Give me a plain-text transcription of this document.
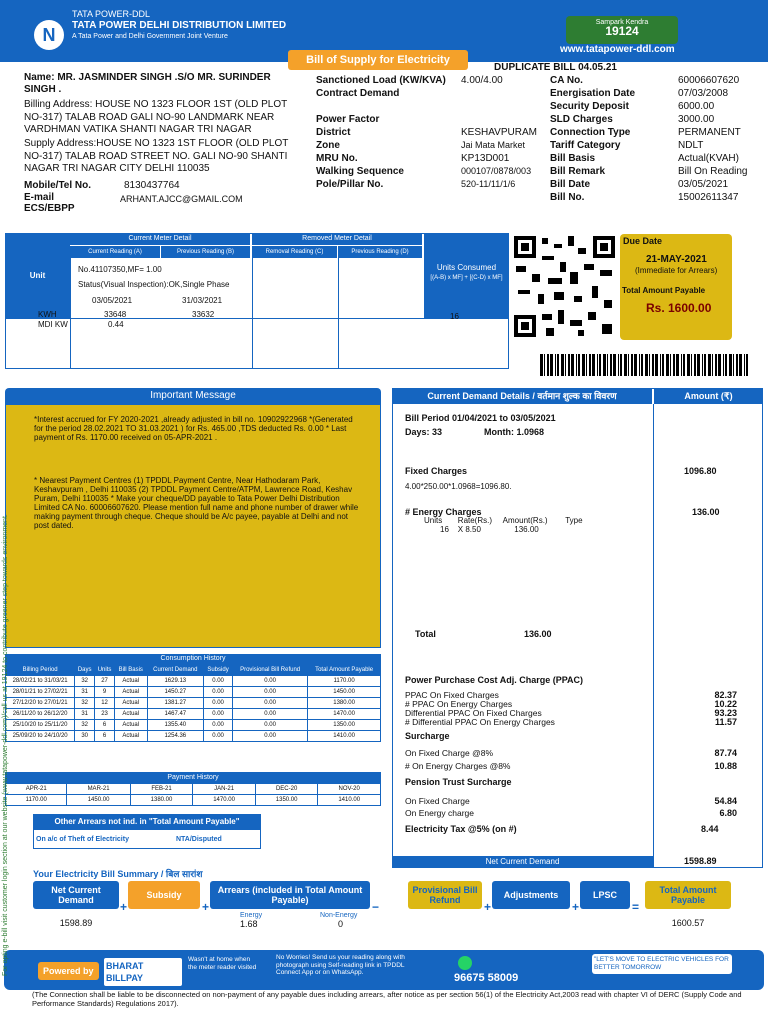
N
TATA POWER-DDL
TATA POWER DELHI DISTRIBUTION LIMITED
A Tata Power and Delhi Government Joint Venture
Sampark Kendra
19124
www.tatapower-ddl.com
Bill of Supply for Electricity
DUPLICATE BILL 04.05.21
Name: MR. JASMINDER SINGH .S/O MR. SURINDER SINGH .
Billing Address: HOUSE NO 1323 FLOOR 1ST (OLD PLOT NO-317) TALAB ROAD GALI NO-90 LANDMARK NEAR VARDHMAN VATIKA SHANTI NAGAR TRI NAGAR
Supply Address:HOUSE NO 1323 1ST FLOOR (OLD PLOT NO-317) TALAB ROAD STREET NO. GALI NO-90 SHANTI NAGAR TRI NAGAR CITY DELHI 110035
Mobile/Tel No.	8130437764
E-mail	ARHANT.AJCC@GMAIL.COM
ECS/EBPP
Sanctioned Load (KW/KVA)	4.00/4.00
Contract Demand
Power Factor
District	KESHAVPURAM
Zone	Jai Mata Market
MRU No.	KP13D001
Walking Sequence	000107/0878/003
Pole/Pillar No.	520-11/11/1/6
CA No.	60006607620
Energisation Date	07/03/2008
Security Deposit	6000.00
SLD Charges	3000.00
Connection Type	PERMANENT
Tariff Category	NDLT
Bill Basis	Actual(KVAH)
Bill Remark	Bill On Reading
Bill Date	03/05/2021
Bill No.	15002611347
Unit
Current Meter Detail	Removed Meter Detail
Current Reading (A)	Previous Reading (B)	Removal Reading (C)	Previous Reading (D)
Units Consumed
[(A-B) x MF] + [(C-D) x MF]
No.41107350,MF= 1.00
Status(Visual Inspection):OK,Single Phase
03/05/2021	31/03/2021
KWH
MDI KW
33648	33632
0.44
16
Due Date
21-MAY-2021
(Immediate for Arrears)
Total Amount Payable
Rs. 1600.00
Important Message
*Interest accrued for FY 2020-2021 ,already adjusted in bill no. 10902922968 *(Generated for the period 28.02.2021 TO 31.03.2021 ) for Rs. 465.00 ,TDS deducted Rs. 0.00 * Last payment of Rs. 1170.00 received on 05-APR-2021 .
* Nearest Payment Centres (1) TPDDL Payment Centre, Near Hathodaram Park, Keshavpuram , Delhi 110035 (2) TPDDL Payment Centre/ATPM, Lawrence Road, Keshav Puram, Delhi 110035 * Make your cheque/DD payable to Tata Power Delhi Distribution Limited CA No. 60006607620. Please mention full name and phone number of drawer while making payment through cheque. Cheque should be A/c payee, payable at Delhi and not post dated.
Consumption History
Billing Period	Days	Units	Bill Basis	Current Demand	Subsidy	Provisional Bill Refund	Total Amount Payable
28/02/21 to 31/03/21	32	27	Actual	1629.13	0.00	0.00	1170.00
28/01/21 to 27/02/21	31	9	Actual	1450.27	0.00	0.00	1450.00
27/12/20 to 27/01/21	32	12	Actual	1381.27	0.00	0.00	1380.00
26/11/20 to 26/12/20	31	23	Actual	1467.47	0.00	0.00	1470.00
25/10/20 to 25/11/20	32	6	Actual	1355.40	0.00	0.00	1350.00
25/09/20 to 24/10/20	30	6	Actual	1254.36	0.00	0.00	1410.00
Payment History
APR-21	MAR-21	FEB-21	JAN-21	DEC-20	NOV-20
1170.00	1450.00	1380.00	1470.00	1350.00	1410.00
Other Arrears not ind. in "Total Amount Payable"
On a/c of Theft of Electricity	NTA/Disputed
Current Demand Details / वर्तमान शुल्क का विवरण	Amount (₹)
Bill Period 01/04/2021 to 03/05/2021
Days: 33	Month: 1.0968
Fixed Charges	1096.80
4.00*250.00*1.0968=1096.80.
# Energy Charges	136.00
Units       Rate(Rs.)     Amount(Rs.)        Type
16    X 8.50               136.00
Total	136.00
Power Purchase Cost Adj. Charge (PPAC)
PPAC On Fixed Charges	82.37
# PPAC On Energy Charges	10.22
Differential PPAC On Fixed Charges	93.23
# Differential PPAC On Energy Charges	11.57
Surcharge
On Fixed Charge @8%	87.74
# On Energy Charges @8%	10.88
Pension Trust Surcharge
On Fixed Charge	54.84
On Energy charge	6.80
Electricity Tax @5% (on #)	8.44
Net Current Demand	1598.89
Your Electricity Bill Summary / बिल सारांश
Net Current Demand
1598.89
+
Subsidy
+
Arrears (included in Total Amount Payable)
Energy	Non-Energy
1.68	0
−
Provisional Bill Refund	+
Adjustments
+
LPSC
=
Total Amount Payable
1600.57
Powered by	BHARAT BILLPAY
Wasn't at home when the meter reader visited
No Worries! Send us your reading along with photograph using Self-reading link in TPDDL Connect App or on WhatsApp.	96675 58009
"LET'S MOVE TO ELECTRIC VEHICLES FOR BETTER TOMORROW
(The Connection shall be liable to be disconnected on non-payment of any payable dues including arrears, after notice as per section 56(1) of the Electricity Act,2003 read with chapter VI of DERC (Supply Code and Performance Standards) Regulations 2017).
For opting e-bill visit customer login section at our website (www.tatapower-ddl.com)/call us at 19124 to contribute greener step towards environment.
